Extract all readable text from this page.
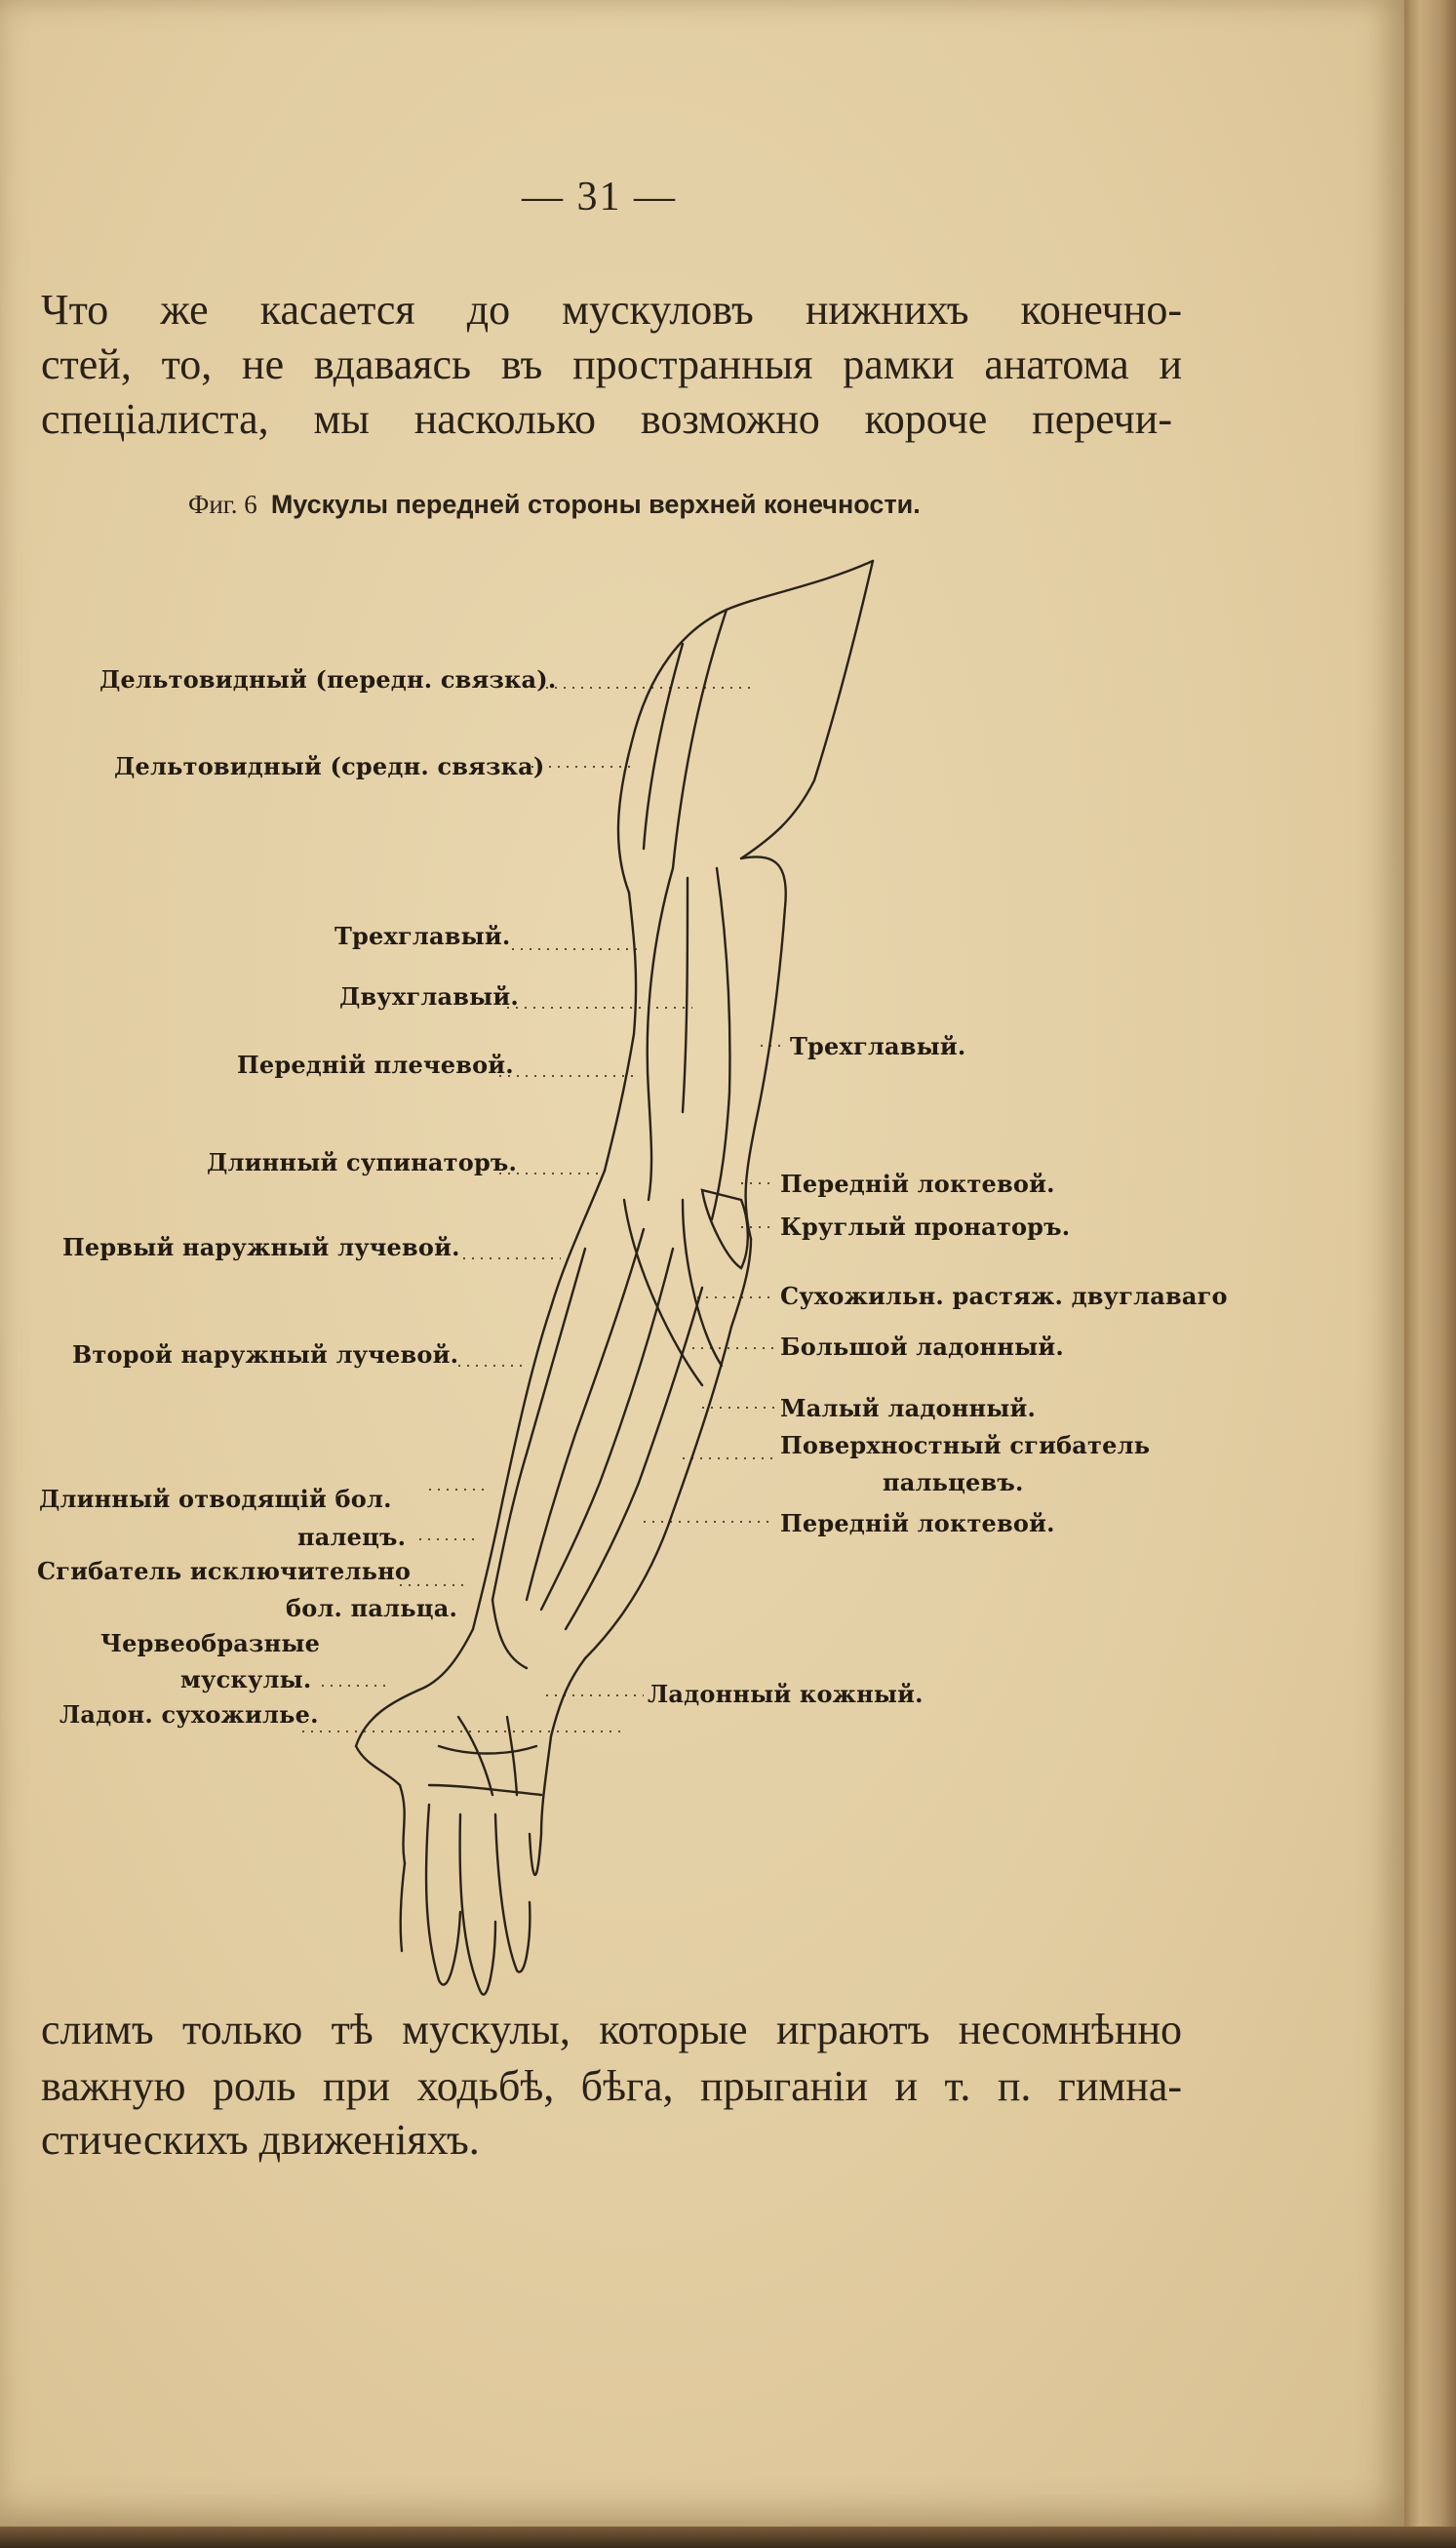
— 31 —
Что же касается до мускуловъ нижнихъ конечно-
стей, то, не вдаваясь въ пространныя рамки анатома и
спеціалиста, мы насколько возможно короче перечи-
Фиг. 6 Мускулы передней стороны верхней конечности.
Дельтовидный (передн. связка).
Дельтовидный (средн. связка)
Трехглавый.
Двухглавый.
Переднiй плечевой.
Длинный супинаторъ.
Первый наружный лучевой.
Второй наружный лучевой.
Длинный отводящій бол.
палецъ.
Сгибатель исключительно
бол. пальца.
Червеобразные
мускулы.
Ладон. сухожилье.
Трехглавый.
Переднiй локтевой.
Круглый пронаторъ.
Сухожильн. растяж. двуглаваго
Большой ладонный.
Малый ладонный.
Поверхностный сгибатель
пальцевъ.
Переднiй локтевой.
Ладонный кожный.
слимъ только тѣ мускулы, которые играютъ несомнѣнно
важную роль при ходьбѣ, бѣга, прыганiи и т. п. гимна-
стическихъ движенiяхъ.
